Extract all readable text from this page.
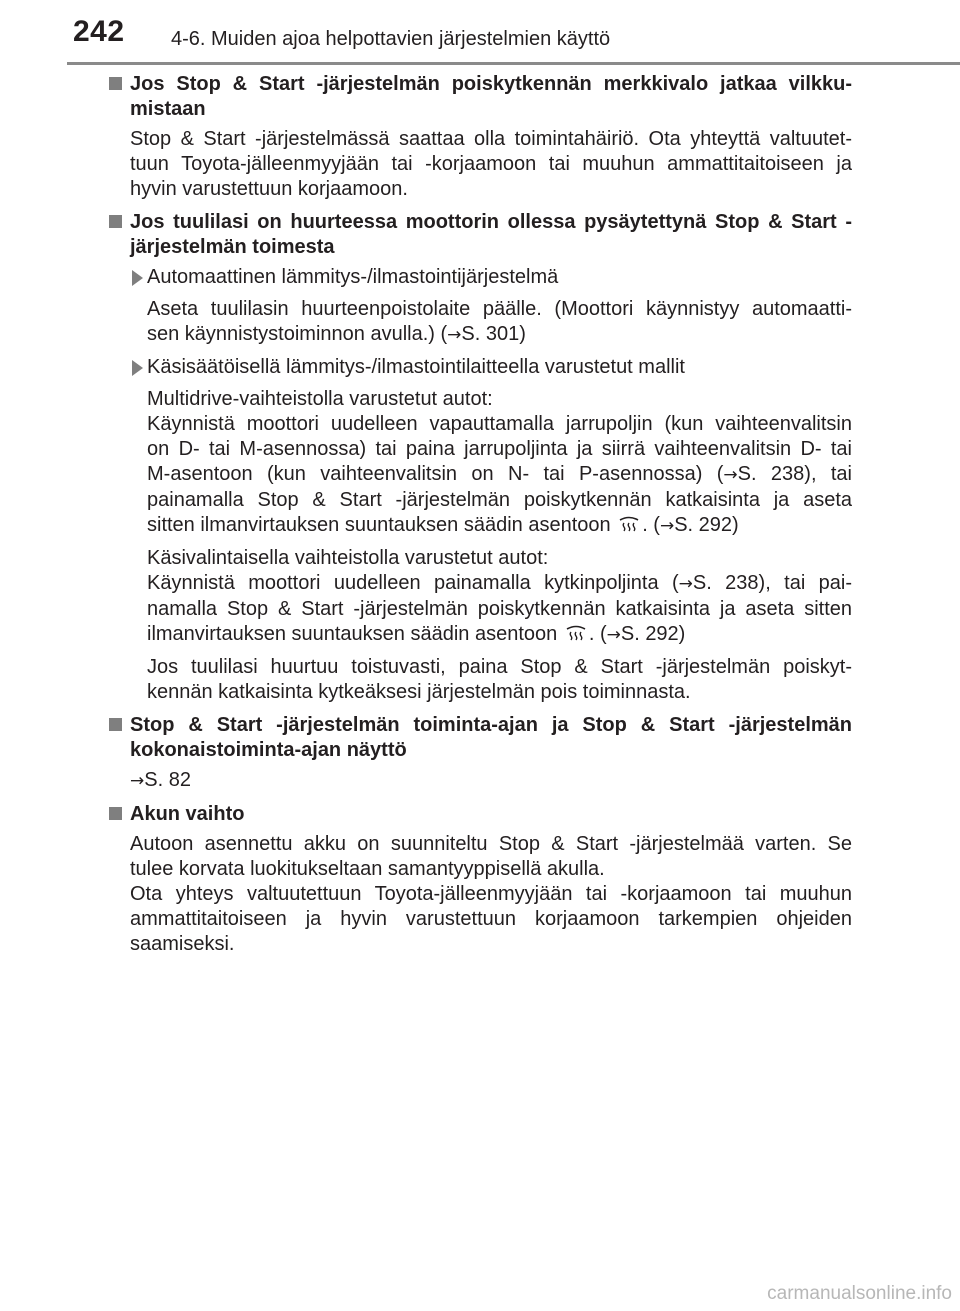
242 4-6. Muiden ajoa helpottavien järjestelmien käyttö
Jos Stop & Start -järjestelmän poiskytkennän merkkivalo jatkaa vilkku-
mistaan
Stop & Start -järjestelmässä saattaa olla toimintahäiriö. Ota yhteyttä valtuutet-
tuun Toyota-jälleenmyyjään tai -korjaamoon tai muuhun ammattitaitoiseen ja
hyvin varustettuun korjaamoon.
Jos tuulilasi on huurteessa moottorin ollessa pysäytettynä Stop & Start -
järjestelmän toimesta
Automaattinen lämmitys-/ilmastointijärjestelmä
Aseta tuulilasin huurteenpoistolaite päälle. (Moottori käynnistyy automaatti-
sen käynnistystoiminnon avulla.) (→S. 301)
Käsisäätöisellä lämmitys-/ilmastointilaitteella varustetut mallit
Multidrive-vaihteistolla varustetut autot:
Käynnistä moottori uudelleen vapauttamalla jarrupoljin (kun vaihteenvalitsin
on D- tai M-asennossa) tai paina jarrupoljinta ja siirrä vaihteenvalitsin D- tai
M-asentoon (kun vaihteenvalitsin on N- tai P-asennossa) (→S. 238), tai
painamalla Stop & Start -järjestelmän poiskytkennän katkaisinta ja aseta
sitten ilmanvirtauksen suuntauksen säädin asentoon . (→S. 292)
Käsivalintaisella vaihteistolla varustetut autot:
Käynnistä moottori uudelleen painamalla kytkinpoljinta (→S. 238), tai pai-
namalla Stop & Start -järjestelmän poiskytkennän katkaisinta ja aseta sitten
ilmanvirtauksen suuntauksen säädin asentoon . (→S. 292)
Jos tuulilasi huurtuu toistuvasti, paina Stop & Start -järjestelmän poiskyt-
kennän katkaisinta kytkeäksesi järjestelmän pois toiminnasta.
Stop & Start -järjestelmän toiminta-ajan ja Stop & Start -järjestelmän
kokonaistoiminta-ajan näyttö
→S. 82
Akun vaihto
Autoon asennettu akku on suunniteltu Stop & Start -järjestelmää varten. Se
tulee korvata luokitukseltaan samantyyppisellä akulla.
Ota yhteys valtuutettuun Toyota-jälleenmyyjään tai -korjaamoon tai muuhun
ammattitaitoiseen ja hyvin varustettuun korjaamoon tarkempien ohjeiden
saamiseksi.
carmanualsonline.info
